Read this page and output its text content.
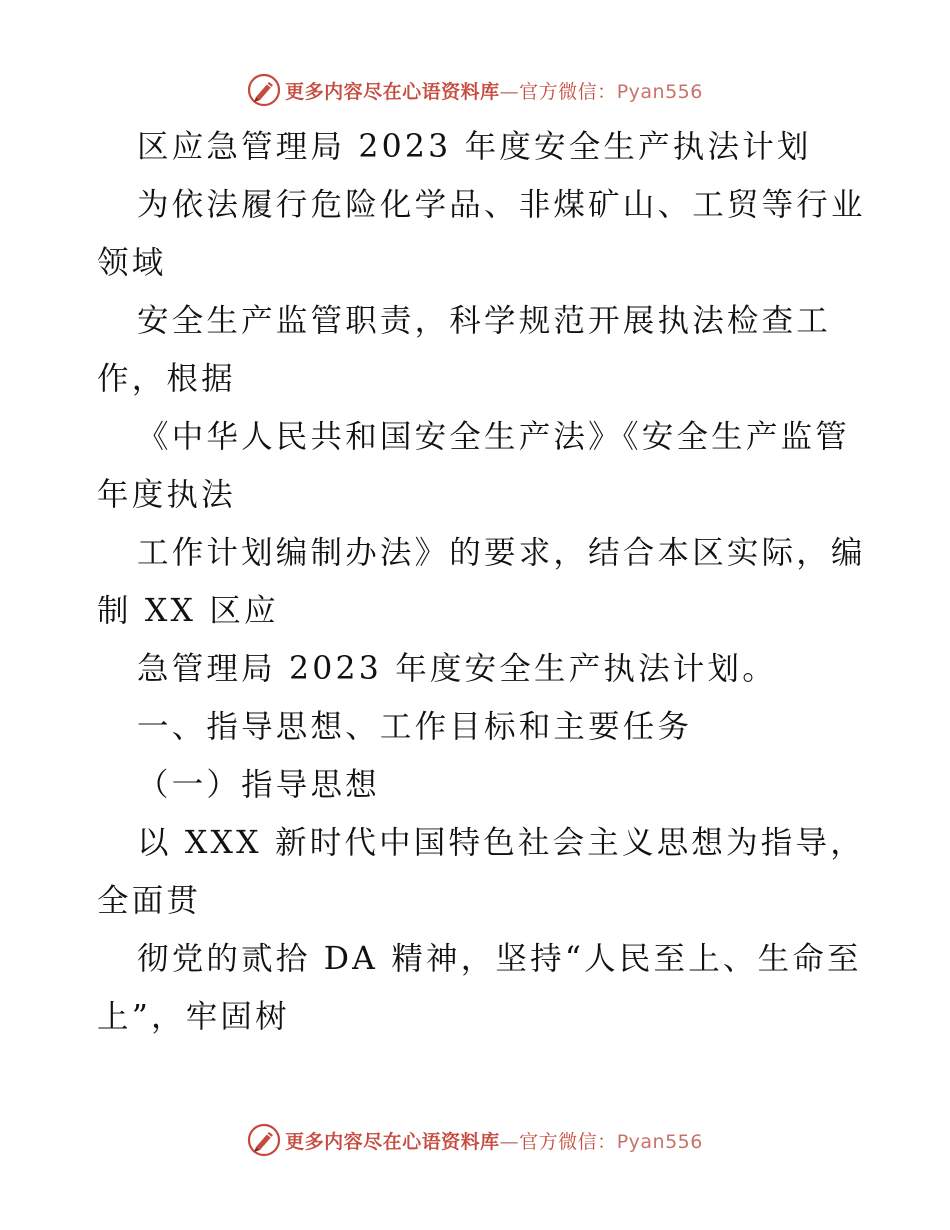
更多内容尽在心语资料库—官方微信：Pyan556
区应急管理局 2023 年度安全生产执法计划
为依法履行危险化学品、非煤矿山、工贸等行业
领域
安全生产监管职责，科学规范开展执法检查工
作，根据
《中华人民共和国安全生产法》《安全生产监管
年度执法
工作计划编制办法》的要求，结合本区实际，编
制 XX 区应
急管理局 2023 年度安全生产执法计划。
一、指导思想、工作目标和主要任务
（一）指导思想
以 XXX 新时代中国特色社会主义思想为指导，
全面贯
彻党的贰拾 DA 精神，坚持“人民至上、生命至
上”，牢固树
更多内容尽在心语资料库—官方微信：Pyan556
